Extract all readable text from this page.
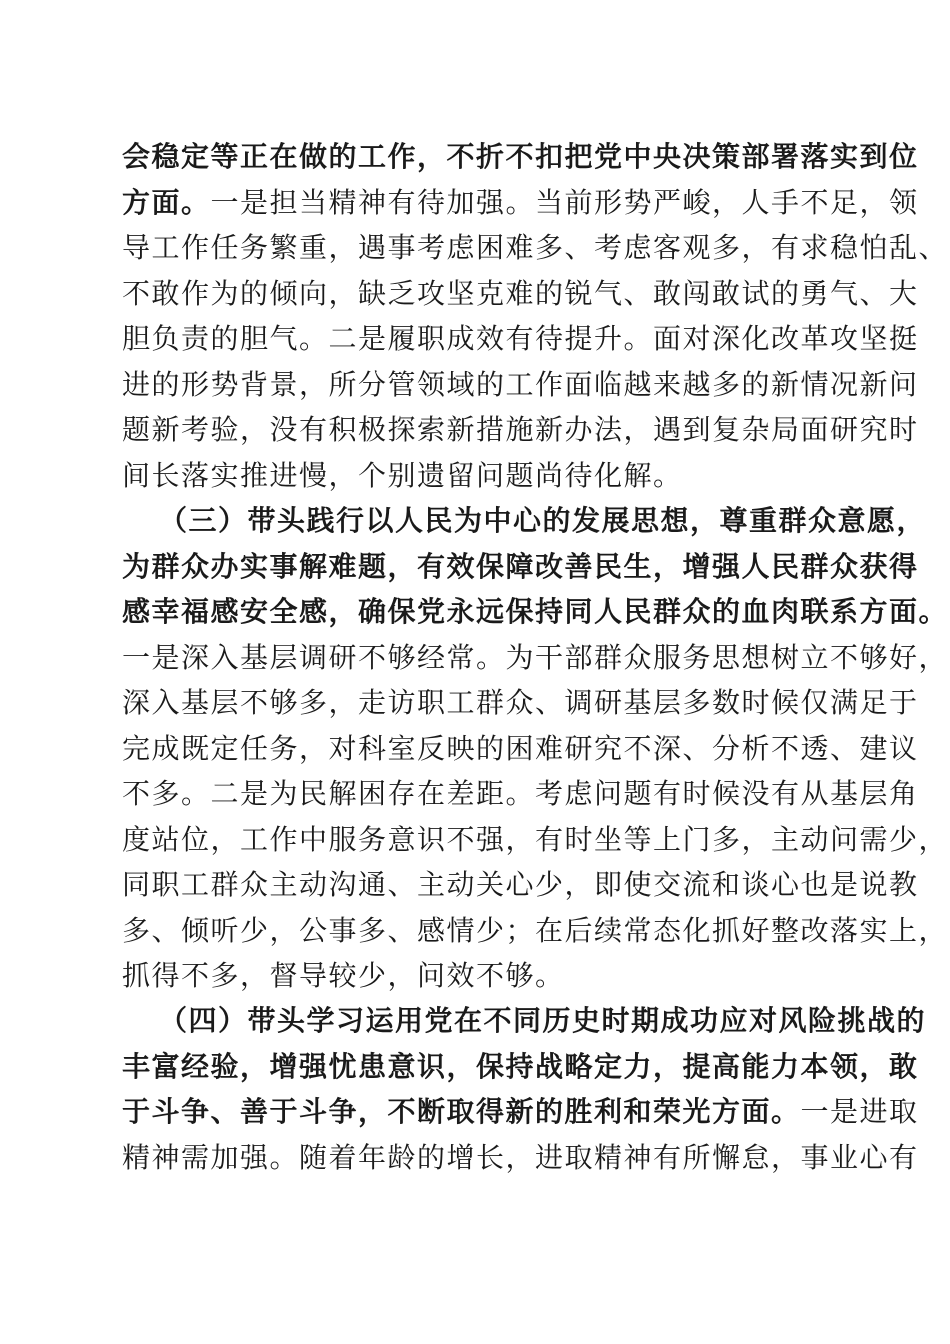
会稳定等正在做的工作，不折不扣把党中央决策部署落实到位
方面。一是担当精神有待加强。当前形势严峻，人手不足，领
导工作任务繁重，遇事考虑困难多、考虑客观多，有求稳怕乱、
不敢作为的倾向，缺乏攻坚克难的锐气、敢闯敢试的勇气、大
胆负责的胆气。二是履职成效有待提升。面对深化改革攻坚挺
进的形势背景，所分管领域的工作面临越来越多的新情况新问
题新考验，没有积极探索新措施新办法，遇到复杂局面研究时
间长落实推进慢，个别遗留问题尚待化解。
（三）带头践行以人民为中心的发展思想，尊重群众意愿，
为群众办实事解难题，有效保障改善民生，增强人民群众获得
感幸福感安全感，确保党永远保持同人民群众的血肉联系方面。
一是深入基层调研不够经常。为干部群众服务思想树立不够好，
深入基层不够多，走访职工群众、调研基层多数时候仅满足于
完成既定任务，对科室反映的困难研究不深、分析不透、建议
不多。二是为民解困存在差距。考虑问题有时候没有从基层角
度站位，工作中服务意识不强，有时坐等上门多，主动问需少，
同职工群众主动沟通、主动关心少，即使交流和谈心也是说教
多、倾听少，公事多、感情少；在后续常态化抓好整改落实上，
抓得不多，督导较少，问效不够。
（四）带头学习运用党在不同历史时期成功应对风险挑战的
丰富经验，增强忧患意识，保持战略定力，提高能力本领，敢
于斗争、善于斗争，不断取得新的胜利和荣光方面。一是进取
精神需加强。随着年龄的增长，进取精神有所懈怠，事业心有
